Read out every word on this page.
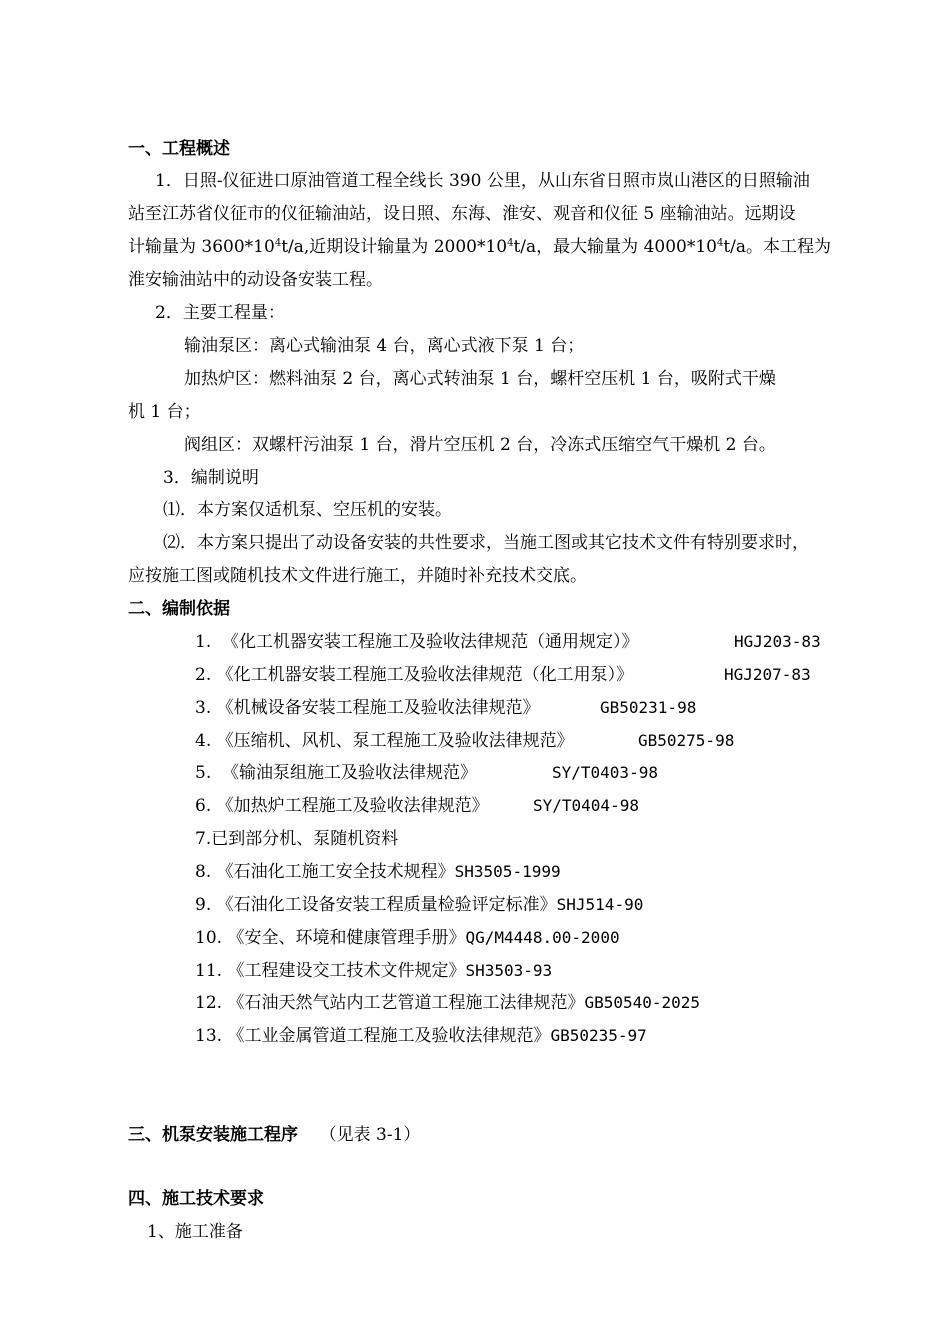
一、工程概述
1．日照-仪征进口原油管道工程全线长 390 公里，从山东省日照市岚山港区的日照输油
站至江苏省仪征市的仪征输油站，设日照、东海、淮安、观音和仪征 5 座输油站。远期设
计输量为 $3600*10^4t/a$,近期设计输量为 $2000*10^4t/a$，最大输量为 $4000*10^4t/a$。本工程为
淮安输油站中的动设备安装工程。
2．主要工程量：
输油泵区：离心式输油泵 4 台，离心式液下泵 1 台；
加热炉区：燃料油泵 2 台，离心式转油泵 1 台，螺杆空压机 1 台，吸附式干燥
机 1 台；
阀组区：双螺杆污油泵 1 台，滑片空压机 2 台，冷冻式压缩空气干燥机 2 台。
3．编制说明
⑴．本方案仅适机泵、空压机的安装。
⑵．本方案只提出了动设备安装的共性要求，当施工图或其它技术文件有特别要求时，
应按施工图或随机技术文件进行施工，并随时补充技术交底。
二、编制依据
1. 《化工机器安装工程施工及验收法律规范（通用规定）》	HGJ203-83
2. 《化工机器安装工程施工及验收法律规范（化工用泵）》	HGJ207-83
3. 《机械设备安装工程施工及验收法律规范》	GB50231-98
4. 《压缩机、风机、泵工程施工及验收法律规范》	GB50275-98
5. 《输油泵组施工及验收法律规范》	SY/T0403-98
6. 《加热炉工程施工及验收法律规范》	SY/T0404-98
7.已到部分机、泵随机资料
8. 《石油化工施工安全技术规程》SH3505-1999
9. 《石油化工设备安装工程质量检验评定标准》SHJ514-90
10. 《安全、环境和健康管理手册》QG/M4448.00-2000
11. 《工程建设交工技术文件规定》SH3503-93
12. 《石油天然气站内工艺管道工程施工法律规范》GB50540-2025
13. 《工业金属管道工程施工及验收法律规范》GB50235-97
三、机泵安装施工程序 （见表 3-1）
四、施工技术要求
1、施工准备
